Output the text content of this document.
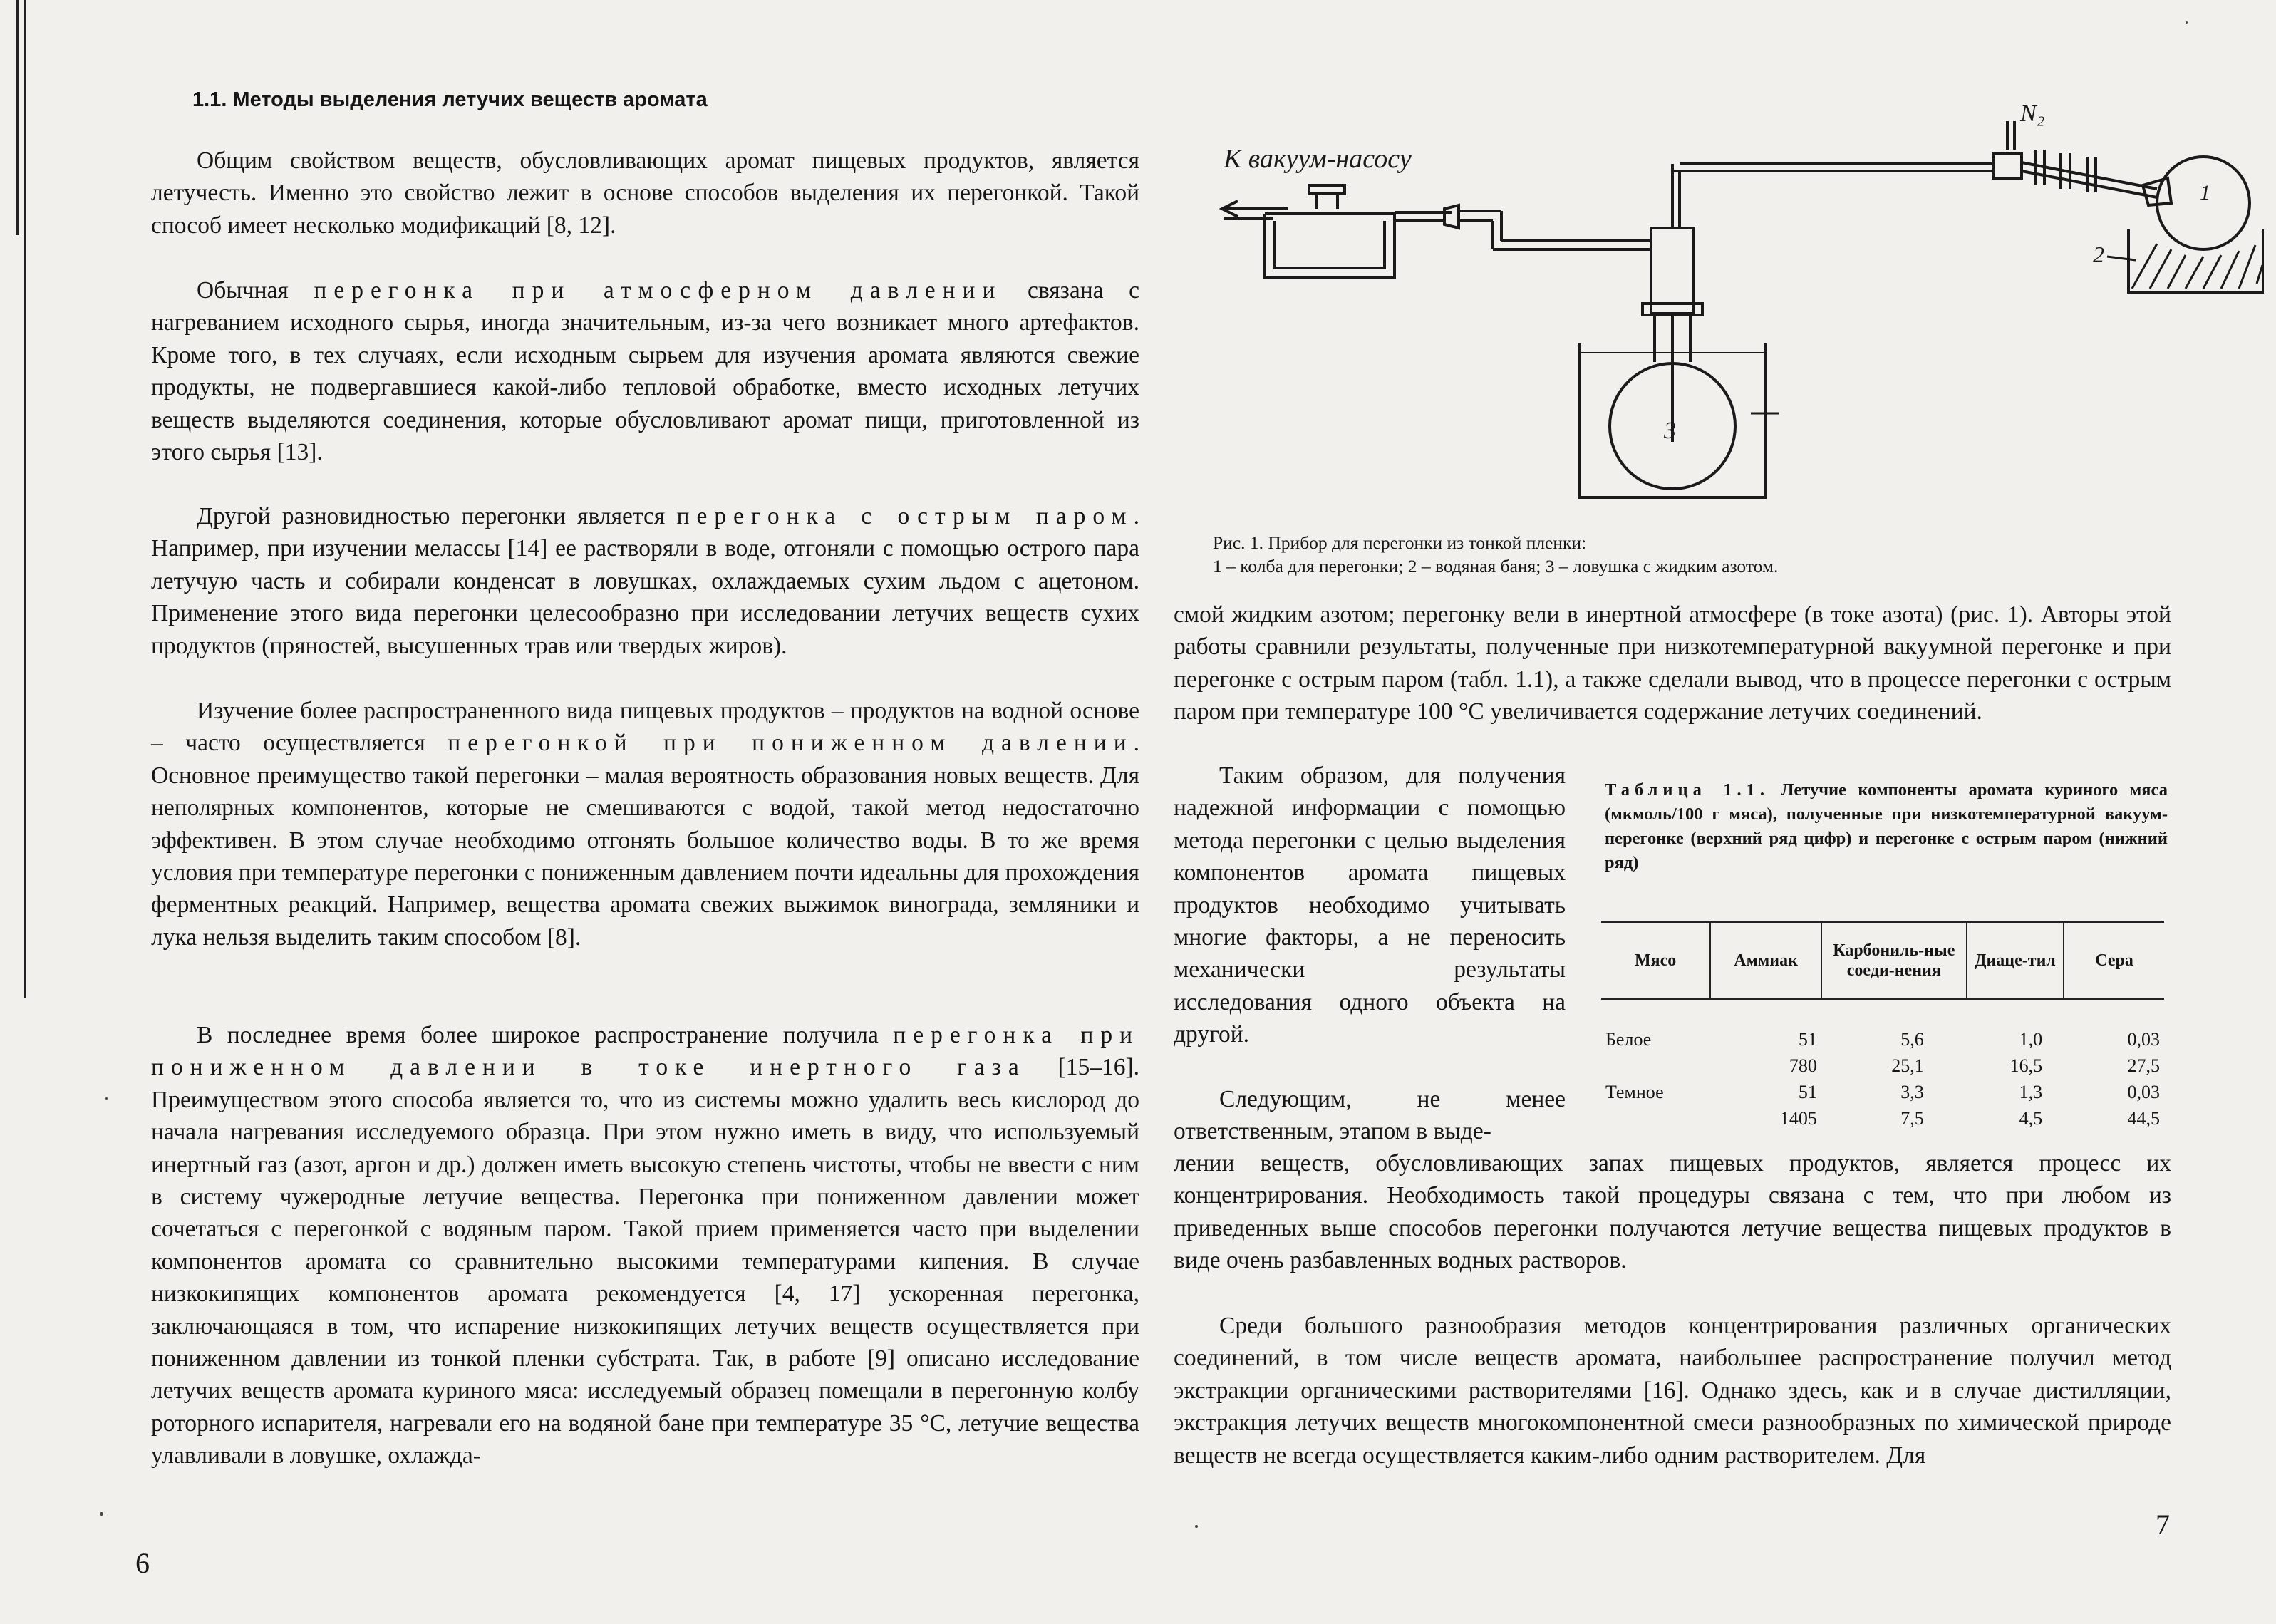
1.1. Методы выделения летучих веществ аромата

Общим свойством веществ, обусловливающих аромат пищевых продуктов, является летучесть. Именно это свойство лежит в основе способов выделения их перегонкой. Такой способ имеет несколько модификаций [8, 12].

Обычная перегонка при атмосферном давлении связана с нагреванием исходного сырья, иногда значительным, из-за чего возникает много артефактов. Кроме того, в тех случаях, если исходным сырьем для изучения аромата являются свежие продукты, не подвергавшиеся какой-либо тепловой обработке, вместо исходных летучих веществ выделяются соединения, которые обусловливают аромат пищи, приготовленной из этого сырья [13].

Другой разновидностью перегонки является перегонка с острым паром. Например, при изучении мелассы [14] ее растворяли в воде, отгоняли с помощью острого пара летучую часть и собирали конденсат в ловушках, охлаждаемых сухим льдом с ацетоном. Применение этого вида перегонки целесообразно при исследовании летучих веществ сухих продуктов (пряностей, высушенных трав или твердых жиров).

Изучение более распространенного вида пищевых продуктов – продуктов на водной основе – часто осуществляется перегонкой при пониженном давлении. Основное преимущество такой перегонки – малая вероятность образования новых веществ. Для неполярных компонентов, которые не смешиваются с водой, такой метод недостаточно эффективен. В этом случае необходимо отгонять большое количество воды. В то же время условия при температуре перегонки с пониженным давлением почти идеальны для прохождения ферментных реакций. Например, вещества аромата свежих выжимок винограда, земляники и лука нельзя выделить таким способом [8].

В последнее время более широкое распространение получила перегонка при пониженном давлении в токе инертного газа [15–16]. Преимуществом этого способа является то, что из системы можно удалить весь кислород до начала нагревания исследуемого образца. При этом нужно иметь в виду, что используемый инертный газ (азот, аргон и др.) должен иметь высокую степень чистоты, чтобы не ввести с ним в систему чужеродные летучие вещества. Перегонка при пониженном давлении может сочетаться с перегонкой с водяным паром. Такой прием применяется часто при выделении компонентов аромата со сравнительно высокими температурами кипения. В случае низкокипящих компонентов аромата рекомендуется [4, 17] ускоренная перегонка, заключающаяся в том, что испарение низкокипящих летучих веществ осуществляется при пониженном давлении из тонкой пленки субстрата. Так, в работе [9] описано исследование летучих веществ аромата куриного мяса: исследуемый образец помещали в перегонную колбу роторного испарителя, нагревали его на водяной бане при температуре 35 °С, летучие вещества улавливали в ловушке, охлажда-

6
К вакуум-насосу
N₂
1
2
3
Рис. 1. Прибор для перегонки из тонкой пленки:
1 – колба для перегонки; 2 – водяная баня; 3 – ловушка с жидким азотом.

смой жидким азотом; перегонку вели в инертной атмосфере (в токе азота) (рис. 1). Авторы этой работы сравнили результаты, полученные при низкотемпературной вакуумной перегонке и при перегонке с острым паром (табл. 1.1), а также сделали вывод, что в процессе перегонки с острым паром при температуре 100 °С увеличивается содержание летучих соединений.

Таким образом, для получения надежной информации с помощью метода перегонки с целью выделения компонентов аромата пищевых продуктов необходимо учитывать многие факторы, а не переносить механически результаты исследования одного объекта на другой.

Следующим, не менее ответственным, этапом в выде-

лении веществ, обусловливающих запах пищевых продуктов, является процесс их концентрирования. Необходимость такой процедуры связана с тем, что при любом из приведенных выше способов перегонки получаются летучие вещества пищевых продуктов в виде очень разбавленных водных растворов.

Среди большого разнообразия методов концентрирования различных органических соединений, в том числе веществ аромата, наибольшее распространение получил метод экстракции органическими растворителями [16]. Однако здесь, как и в случае дистилляции, экстракция летучих веществ многокомпонентной смеси разнообразных по химической природе веществ не всегда осуществляется каким-либо одним растворителем. Для

7
Таблица 1.1. Летучие компоненты аромата куриного мяса (мкмоль/100 г мяса), полученные при низкотемпературной вакуум-перегонке (верхний ряд цифр) и перегонке с острым паром (нижний ряд)
Мясо	Аммиак	Карбониль-ные соеди-нения	Диаце-тил	Сера

Белое	51	5,6	1,0	0,03
	780	25,1	16,5	27,5
Темное	51	3,3	1,3	0,03
	1405	7,5	4,5	44,5
